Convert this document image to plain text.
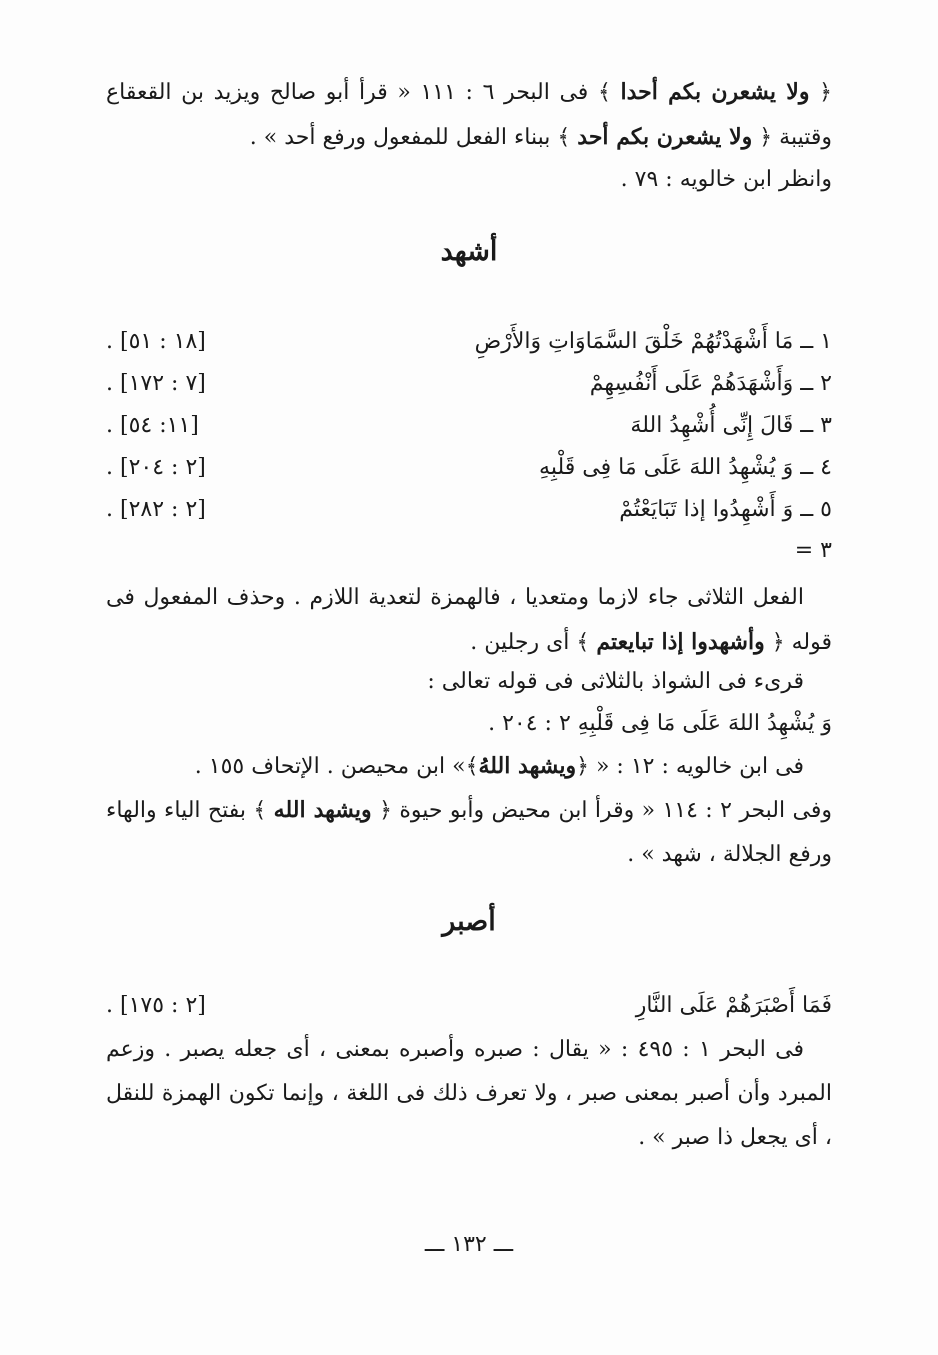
﴿ ولا يشعرن بكم أحدا ﴾ فى البحر ٦ : ١١١ « قرأ أبو صالح ويزيد بن القعقاع وقتيبة ﴿ ولا يشعرن بكم أحد ﴾ ببناء الفعل للمفعول ورفع أحد » .
وانظر ابن خالويه : ٧٩ .
أشهد
١ ــ مَا أَشْهَدْتُهُمْ خَلْقَ السَّمَاوَاتِ وَالأَرْضِ
[١٨ : ٥١] .
٢ ــ وَأَشْهَدَهُمْ عَلَى أَنْفُسِهِمْ
[٧ : ١٧٢] .
٣ ــ قَالَ إِنِّى أُشْهِدُ اللهَ
[١١: ٥٤] .
٤ ــ وَ يُشْهِدُ اللهَ عَلَى مَا فِى قَلْبِهِ
[٢ : ٢٠٤] .
٥ ــ وَ أَشْهِدُوا إذا تَبَايَعْتُمْ
[٢ : ٢٨٢] .
= ٣
الفعل الثلاثى جاء لازما ومتعديا ، فالهمزة لتعدية اللازم . وحذف المفعول فى قوله ﴿ وأشهدوا إذا تبايعتم ﴾ أى رجلين .
قرىء فى الشواذ بالثلاثى فى قوله تعالى :
وَ يُشْهِدُ اللهَ عَلَى مَا فِى قَلْبِهِ ٢ : ٢٠٤ .
فى ابن خالويه : ١٢ : « ﴿ويشهد اللهُ﴾» ابن محيصن . الإتحاف ١٥٥ .
وفى البحر ٢ : ١١٤ « وقرأ ابن محيض وأبو حيوة ﴿ ويشهد الله ﴾ بفتح الياء والهاء ورفع الجلالة ، شهد » .
أصبر
فَمَا أَصْبَرَهُمْ عَلَى النَّارِ
[٢ : ١٧٥] .
فى البحر ١ : ٤٩٥ : « يقال : صبره وأصبره بمعنى ، أى جعله يصبر . وزعم المبرد وأن أصبر بمعنى صبر ، ولا تعرف ذلك فى اللغة ، وإنما تكون الهمزة للنقل ، أى يجعل ذا صبر » .
ـــ ١٣٢ ـــ
